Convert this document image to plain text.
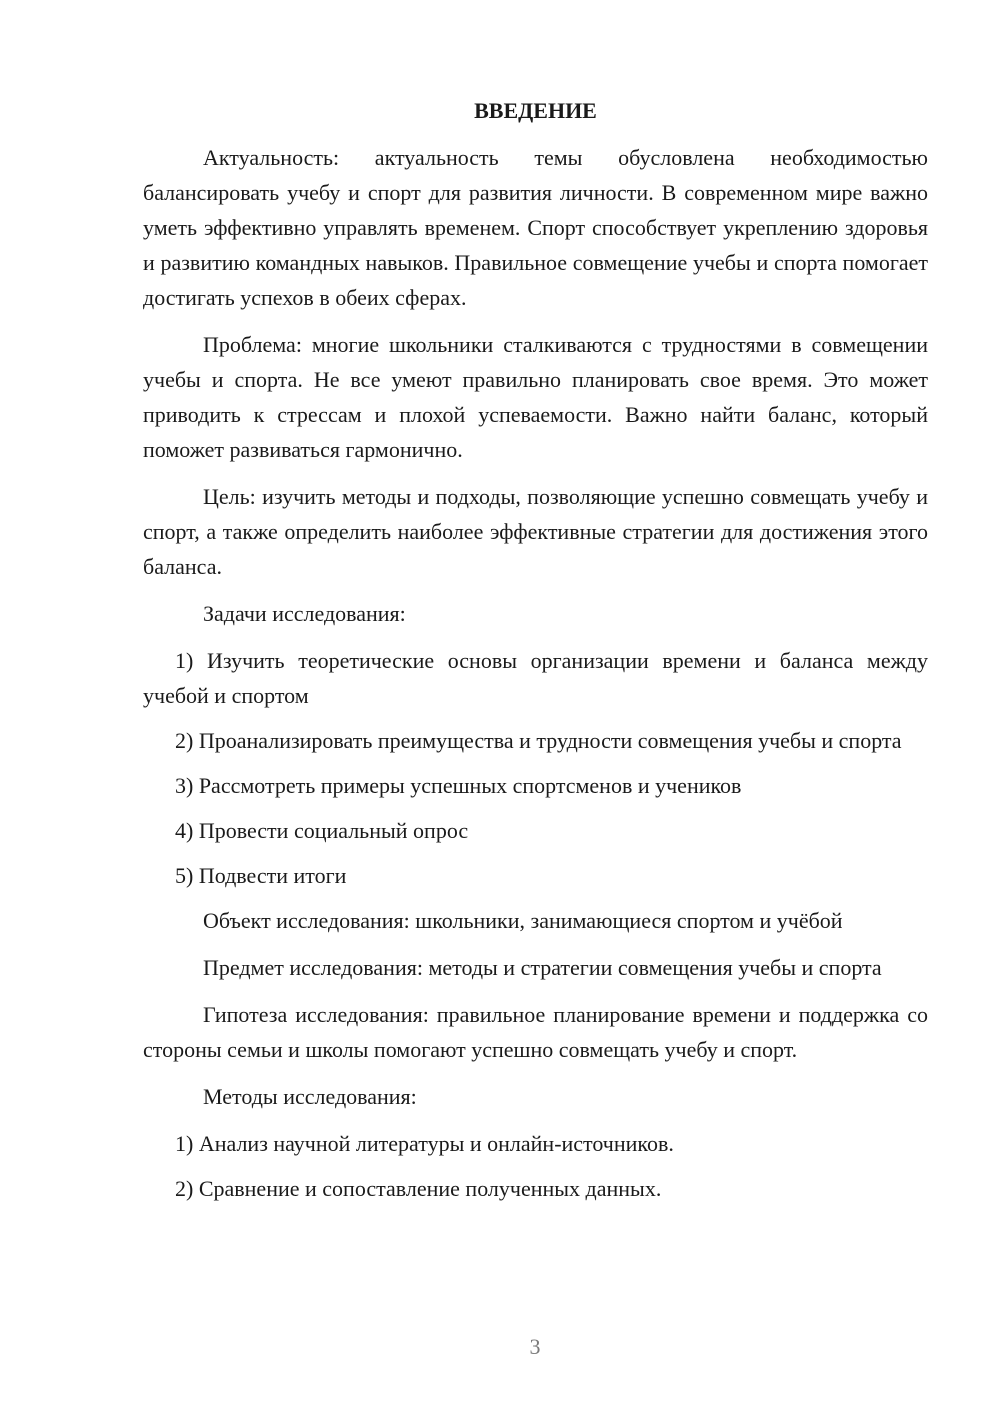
ВВЕДЕНИЕ

Актуальность: актуальность темы обусловлена необходимостью балансировать учебу и спорт для развития личности. В современном мире важно уметь эффективно управлять временем. Спорт способствует укреплению здоровья и развитию командных навыков. Правильное совмещение учебы и спорта помогает достигать успехов в обеих сферах.

Проблема: многие школьники сталкиваются с трудностями в совмещении учебы и спорта. Не все умеют правильно планировать свое время. Это может приводить к стрессам и плохой успеваемости. Важно найти баланс, который поможет развиваться гармонично.

Цель: изучить методы и подходы, позволяющие успешно совмещать учебу и спорт, а также определить наиболее эффективные стратегии для достижения этого баланса.

Задачи исследования:

1) Изучить теоретические основы организации времени и баланса между учебой и спортом

2) Проанализировать преимущества и трудности совмещения учебы и спорта

3) Рассмотреть примеры успешных спортсменов и учеников

4) Провести социальный опрос

5) Подвести итоги

Объект исследования: школьники, занимающиеся спортом и учёбой

Предмет исследования: методы и стратегии совмещения учебы и спорта

Гипотеза исследования: правильное планирование времени и поддержка со стороны семьи и школы помогают успешно совмещать учебу и спорт.

Методы исследования:

1) Анализ научной литературы и онлайн-источников.

2) Сравнение и сопоставление полученных данных.

3
